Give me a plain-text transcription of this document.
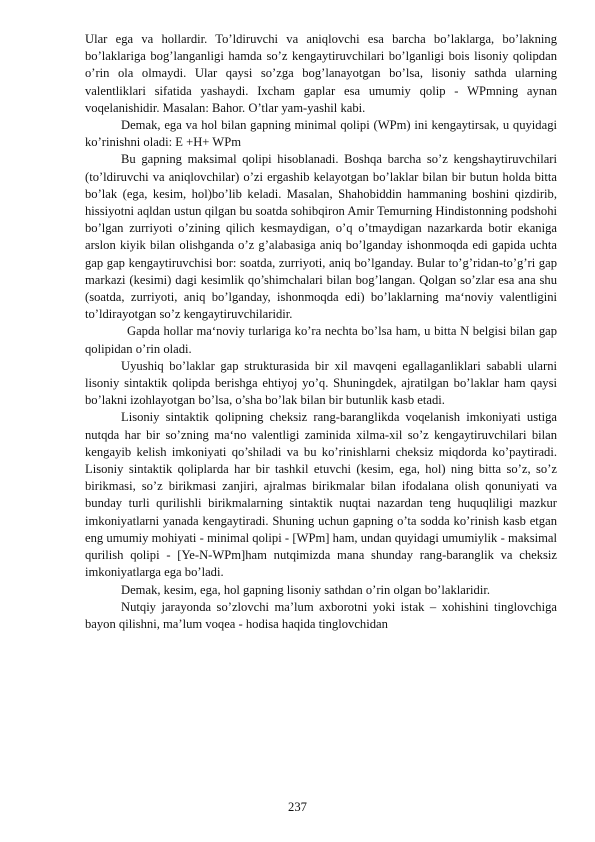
Ular ega va hollardir. To’ldiruvchi va aniqlovchi esa barcha bo’laklarga, bo’lakning bo’laklariga bog’langanligi hamda so’z kengaytiruvchilari bo’lganligi bois lisoniy qolipdan o’rin ola olmaydi. Ular qaysi so’zga bog’lanayotgan bo’lsa, lisoniy sathda ularning valentliklari sifatida yashaydi. Ixcham gaplar esa umumiy qolip - WPmning aynan voqelanishidir. Masalan: Bahor. O’tlar yam-yashil kabi.

Demak, ega va hol bilan gapning minimal qolipi (WPm) ini kengaytirsak, u quyidagi ko’rinishni oladi: E +H+ WPm

Bu gapning maksimal qolipi hisoblanadi. Boshqa barcha so’z kengshaytiruvchilari (to’ldiruvchi va aniqlovchilar) o’zi ergashib kelayotgan bo’laklar bilan bir butun holda bitta bo’lak (ega, kesim, hol)bo’lib keladi. Masalan, Shahobiddin hammaning boshini qizdirib, hissiyotni aqldan ustun qilgan bu soatda sohibqiron Amir Temurning Hindistonning podshohi bo’lgan zurriyoti o’zining qilich kesmaydigan, o’q o’tmaydigan nazarkarda botir ekaniga arslon kiyik bilan olishganda o’z g’alabasiga aniq bo’lganday ishonmoqda edi gapida uchta gap gap kengaytiruvchisi bor: soatda, zurriyoti, aniq bo’lganday. Bular to’g’ridan-to’g’ri gap markazi (kesimi) dagi kesimlik qo’shimchalari bilan bog’langan. Qolgan so’zlar esa ana shu (soatda, zurriyoti, aniq bo’lganday, ishonmoqda edi) bo’laklarning ma‘noviy valentligini to’ldirayotgan so’z kengaytiruvchilaridir.

Gapda hollar ma‘noviy turlariga ko’ra nechta bo’lsa ham, u bitta N belgisi bilan gap qolipidan o’rin oladi.

Uyushiq bo’laklar gap strukturasida bir xil mavqeni egallaganliklari sababli ularni lisoniy sintaktik qolipda berishga ehtiyoj yo’q. Shuningdek, ajratilgan bo’laklar ham qaysi bo’lakni izohlayotgan bo’lsa, o’sha bo’lak bilan bir butunlik kasb etadi.

Lisoniy sintaktik qolipning cheksiz rang-baranglikda voqelanish imkoniyati ustiga nutqda har bir so’zning ma‘no valentligi zaminida xilma-xil so’z kengaytiruvchilari bilan kengayib kelish imkoniyati qo’shiladi va bu ko’rinishlarni cheksiz miqdorda ko’paytiradi. Lisoniy sintaktik qoliplarda har bir tashkil etuvchi (kesim, ega, hol) ning bitta so’z, so’z birikmasi, so’z birikmasi zanjiri, ajralmas birikmalar bilan ifodalana olish qonuniyati va bunday turli qurilishli birikmalarning sintaktik nuqtai nazardan teng huquqliligi mazkur imkoniyatlarni yanada kengaytiradi. Shuning uchun gapning o’ta sodda ko’rinish kasb etgan eng umumiy mohiyati - minimal qolipi - [WPm] ham, undan quyidagi umumiylik - maksimal qurilish qolipi - [Ye-N-WPm]ham nutqimizda mana shunday rang-baranglik va cheksiz imkoniyatlarga ega bo’ladi.

Demak, kesim, ega, hol gapning lisoniy sathdan o’rin olgan bo’laklaridir.

Nutqiy jarayonda so’zlovchi ma’lum axborotni yoki istak – xohishini tinglovchiga bayon qilishni, ma’lum voqea - hodisa haqida tinglovchidan

237
